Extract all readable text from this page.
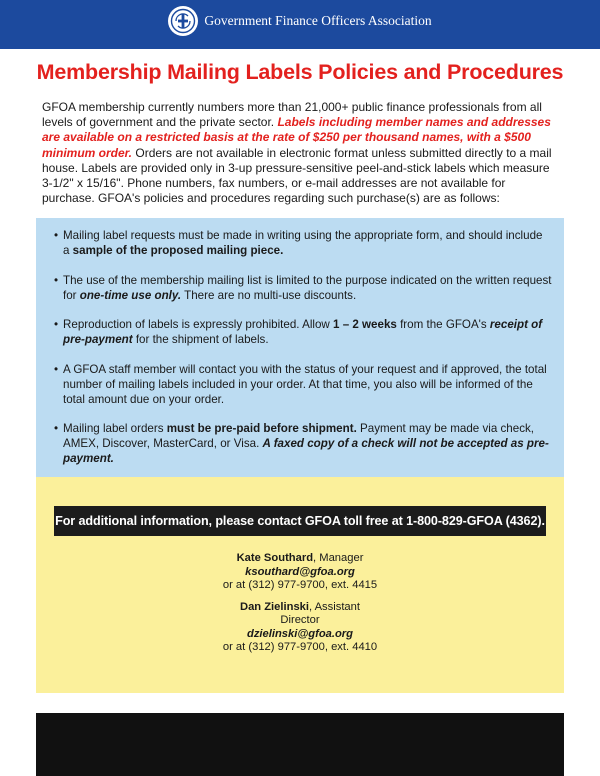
Government Finance Officers Association
Membership Mailing Labels Policies and Procedures

GFOA membership currently numbers more than 21,000+ public finance professionals from all levels of government and the private sector. Labels including member names and addresses are available on a restricted basis at the rate of $250 per thousand names, with a $500 minimum order. Orders are not available in electronic format unless submitted directly to a mail house. Labels are provided only in 3-up pressure-sensitive peel-and-stick labels which measure 3-1/2" x 15/16". Phone numbers, fax numbers, or e-mail addresses are not available for purchase. GFOA's policies and procedures regarding such purchase(s) are as follows:

• Mailing label requests must be made in writing using the appropriate form, and should include a sample of the proposed mailing piece.
• The use of the membership mailing list is limited to the purpose indicated on the written request for one-time use only. There are no multi-use discounts.
• Reproduction of labels is expressly prohibited. Allow 1 – 2 weeks from the GFOA's receipt of pre-payment for the shipment of labels.
• A GFOA staff member will contact you with the status of your request and if approved, the total number of mailing labels included in your order. At that time, you also will be informed of the total amount due on your order.
• Mailing label orders must be pre-paid before shipment. Payment may be made via check, AMEX, Discover, MasterCard, or Visa. A faxed copy of a check will not be accepted as pre-payment.
•
For additional information, please contact GFOA toll free at 1-800-829-GFOA (4362).
Kate Southard, Manager
ksouthard@gfoa.org
or at (312) 977-9700, ext. 4415
Dan Zielinski, Assistant
Director
dzielinski@gfoa.org
or at (312) 977-9700, ext. 4410
